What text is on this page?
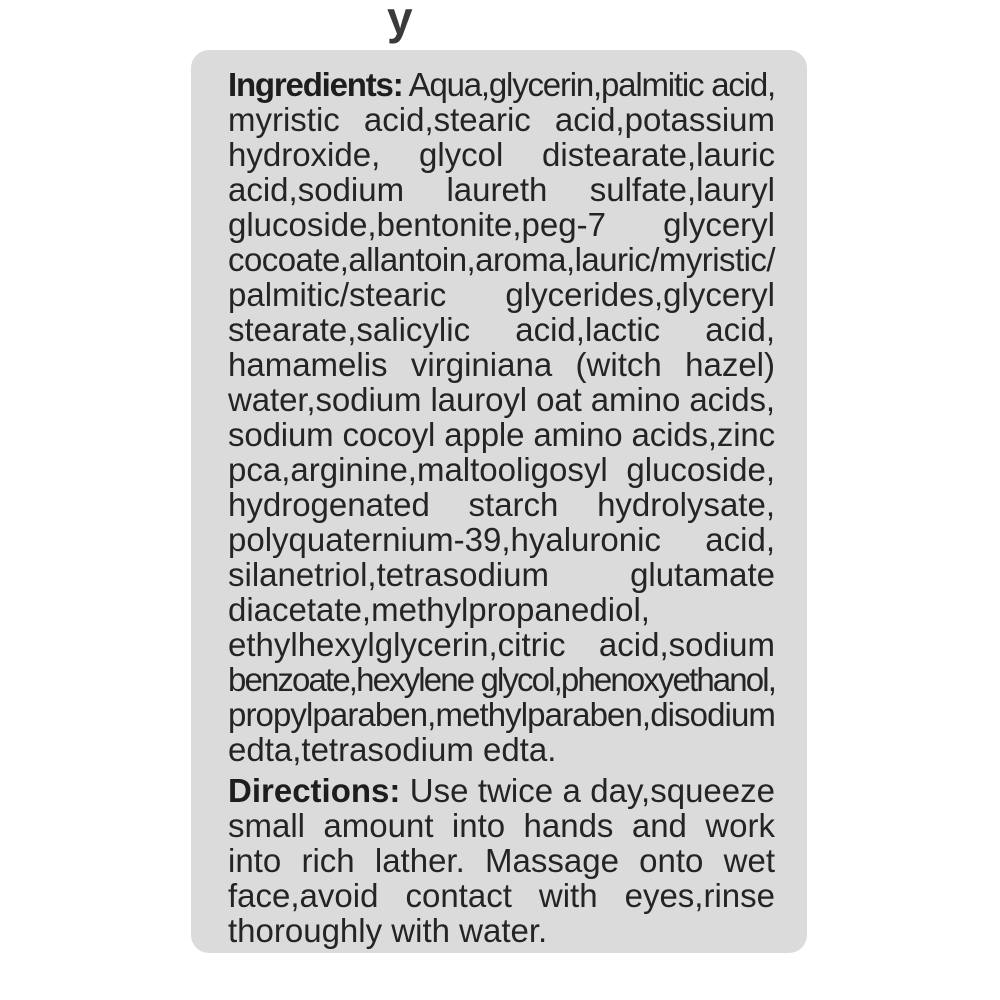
y
Ingredients: Aqua,glycerin,palmitic acid,
myristic acid,stearic acid,potassium
hydroxide, glycol distearate,lauric
acid,sodium laureth sulfate,lauryl
glucoside,bentonite,peg-7 glyceryl
cocoate,allantoin,aroma,lauric/myristic/
palmitic/stearic glycerides,glyceryl
stearate,salicylic acid,lactic acid,
hamamelis virginiana (witch hazel)
water,sodium lauroyl oat amino acids,
sodium cocoyl apple amino acids,zinc
pca,arginine,maltooligosyl glucoside,
hydrogenated starch hydrolysate,
polyquaternium-39,hyaluronic acid,
silanetriol,tetrasodium glutamate
diacetate,methylpropanediol,
ethylhexylglycerin,citric acid,sodium
benzoate,hexylene glycol,phenoxyethanol,
propylparaben,methylparaben,disodium
edta,tetrasodium edta.
Directions: Use twice a day,squeeze
small amount into hands and work
into rich lather. Massage onto wet
face,avoid contact with eyes,rinse
thoroughly with water.
